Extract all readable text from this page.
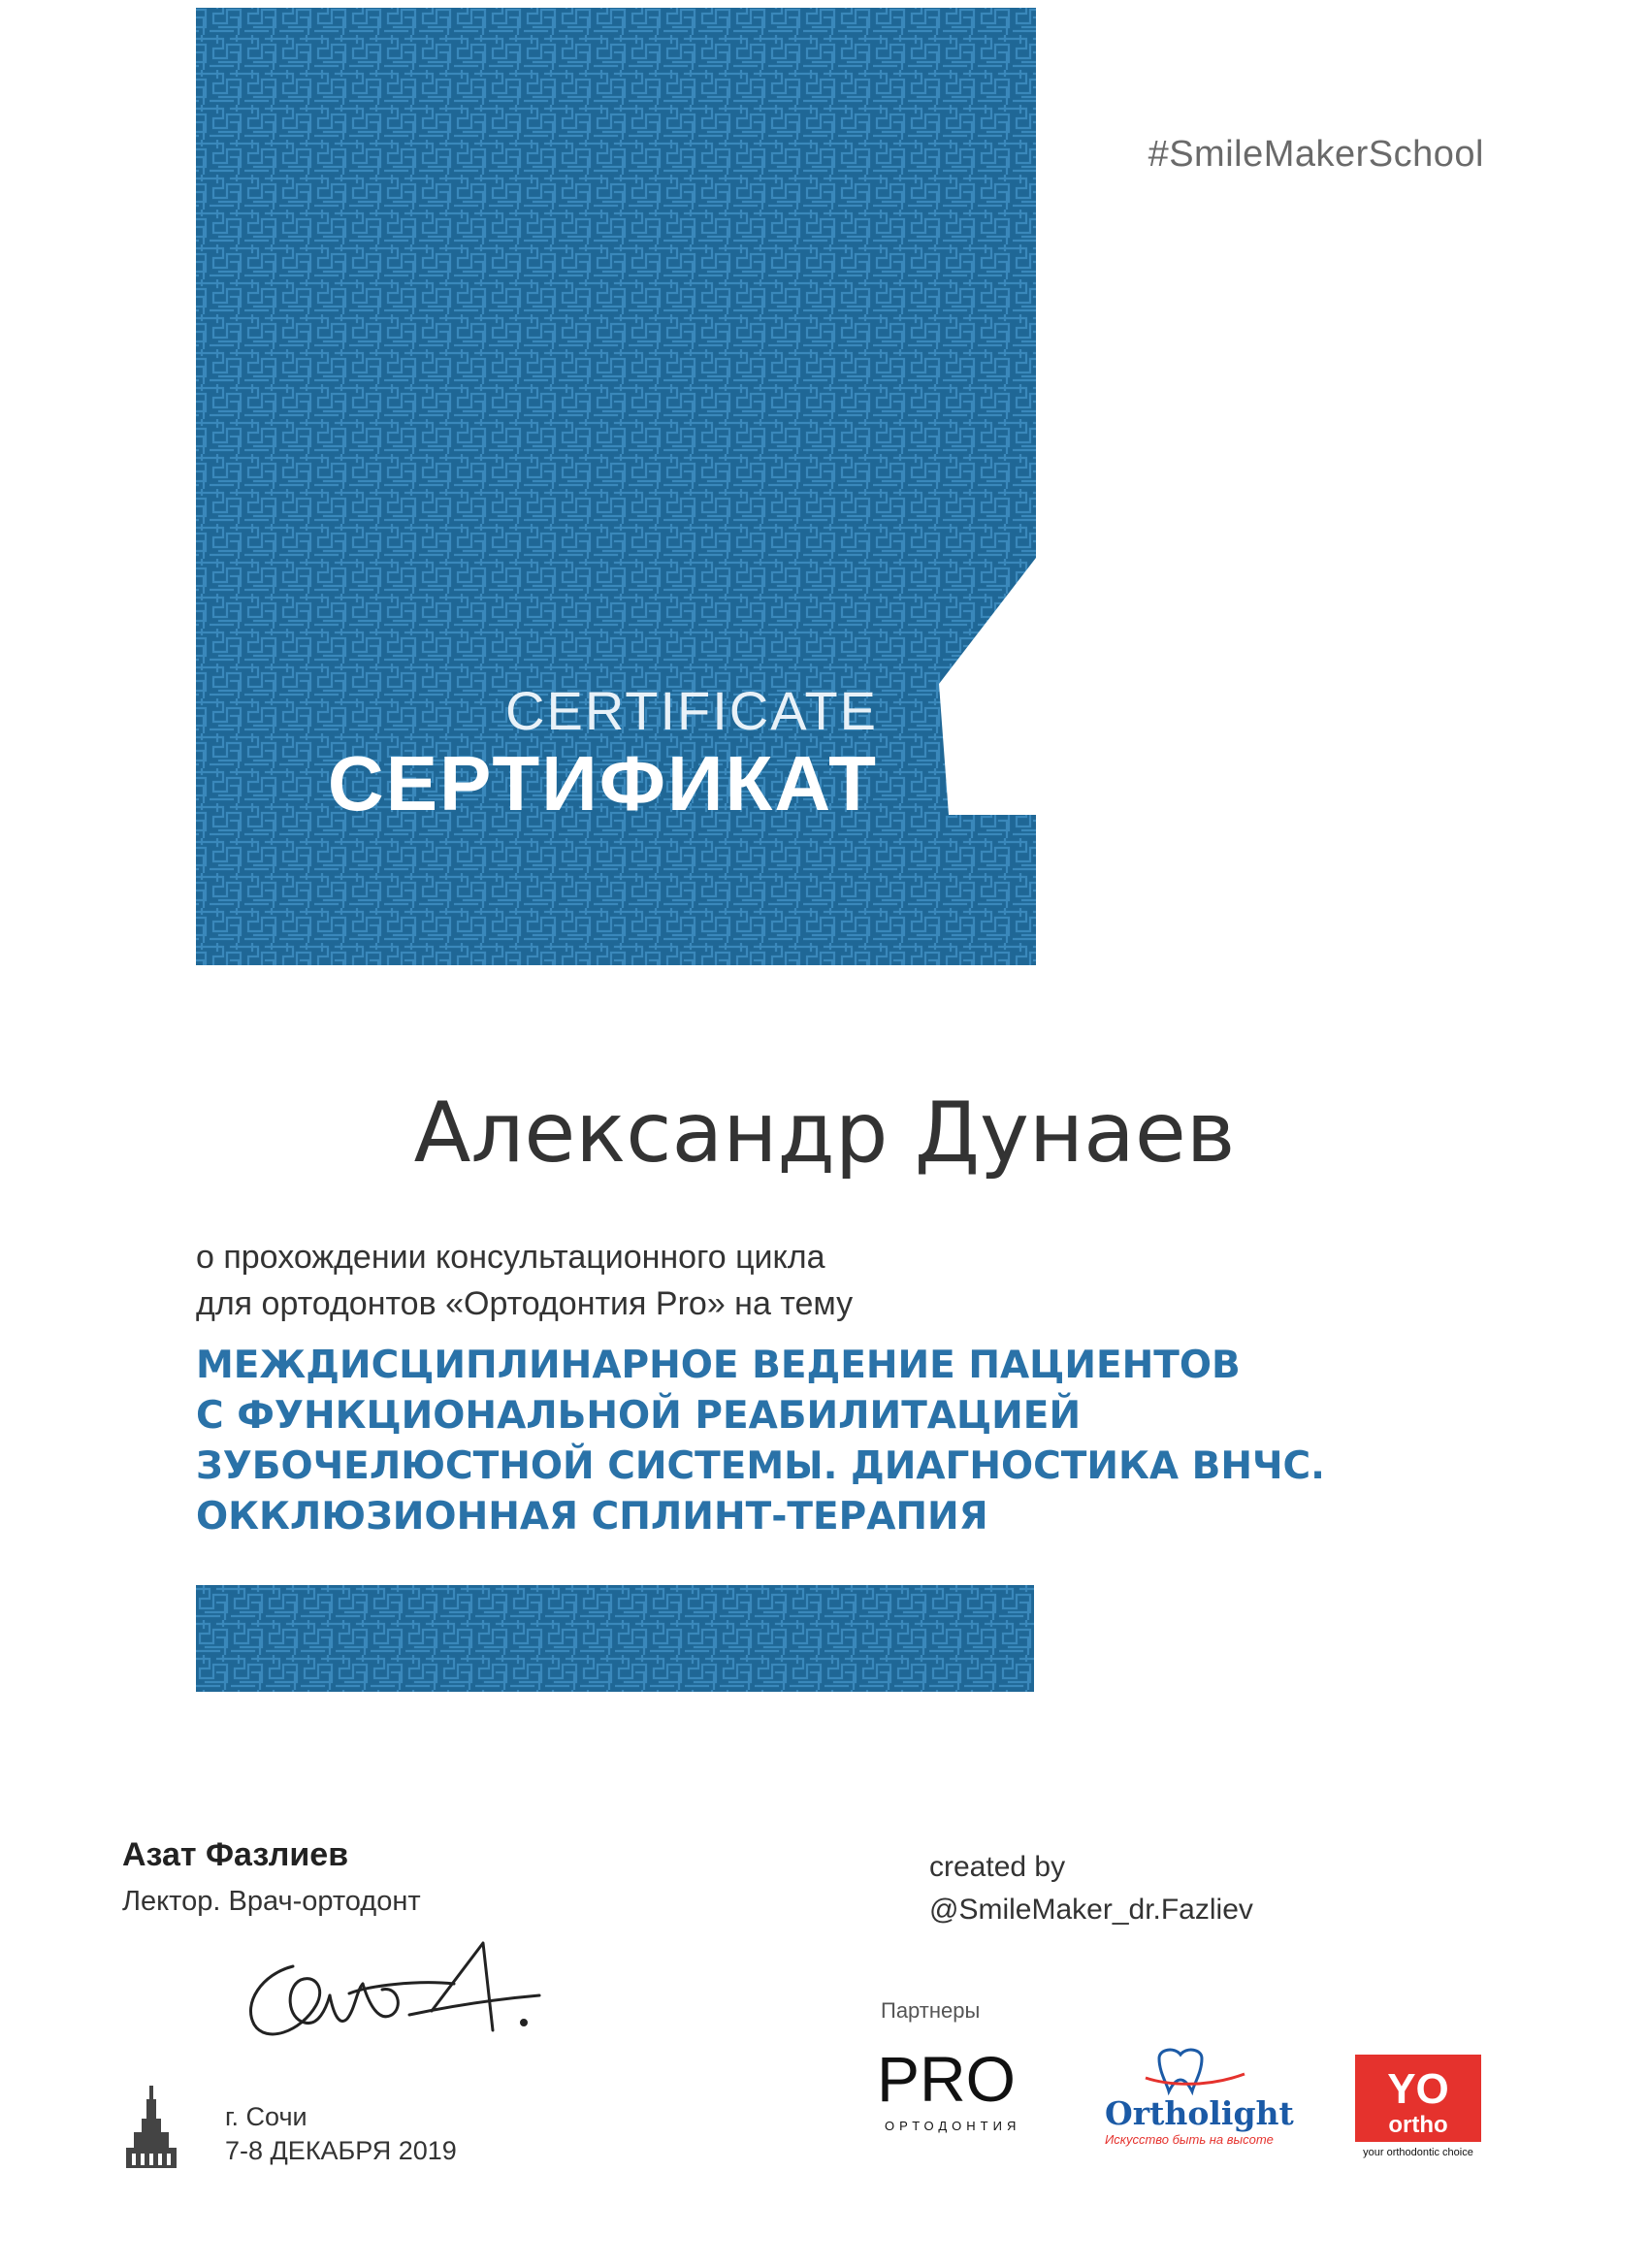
CERTIFICATE
СЕРТИФИКАТ
#SmileMakerSchool
Александр Дунаев
о прохождении консультационного цикла
для ортодонтов «Ортодонтия Pro» на тему
МЕЖДИСЦИПЛИНАРНОЕ ВЕДЕНИЕ ПАЦИЕНТОВ
С ФУНКЦИОНАЛЬНОЙ РЕАБИЛИТАЦИЕЙ
ЗУБОЧЕЛЮСТНОЙ СИСТЕМЫ. ДИАГНОСТИКА ВНЧС.
ОККЛЮЗИОННАЯ СПЛИНТ-ТЕРАПИЯ
Азат Фазлиев
Лектор. Врач-ортодонт
created by
@SmileMaker_dr.Fazliev
Партнеры
PRO
ОРТОДОНТИЯ	Ortholight
Искусство быть на высоте
YO
ortho
your orthodontic choice
г. Сочи
7-8 ДЕКАБРЯ 2019
